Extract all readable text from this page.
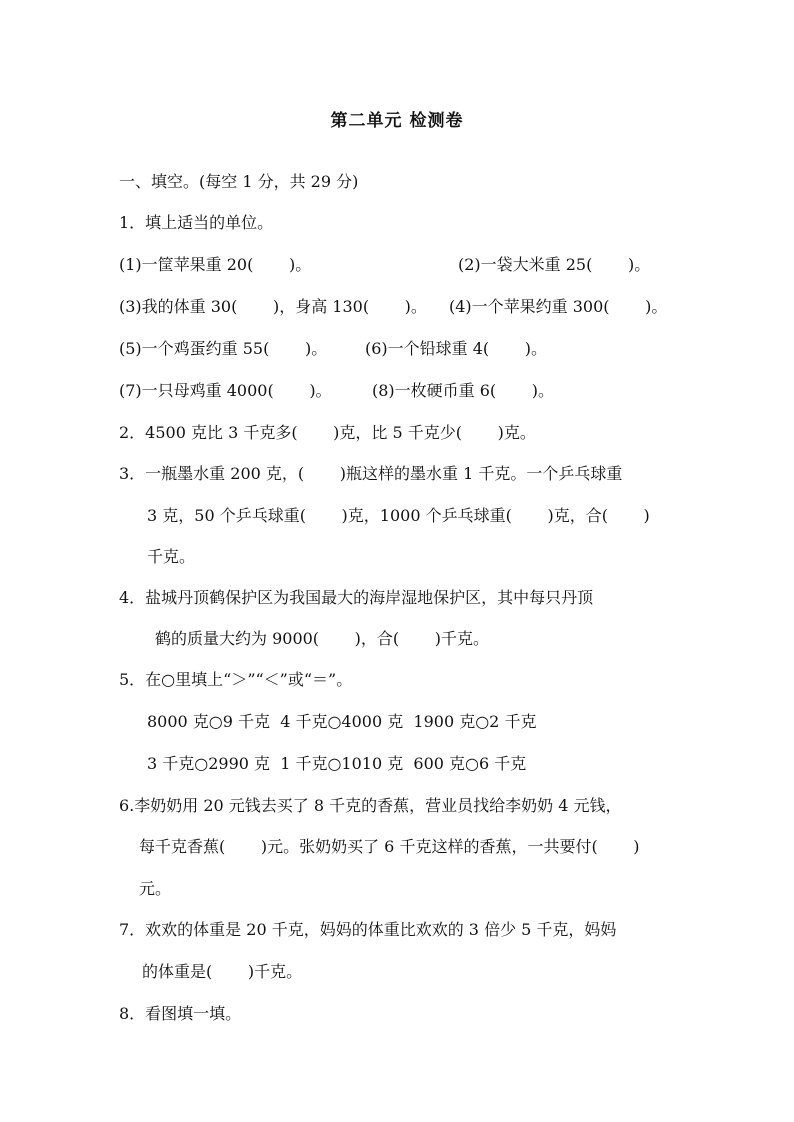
第二单元 检测卷
一、填空。(每空 1 分，共 29 分)
1．填上适当的单位。
(1)一筐苹果重 20(       )。	(2)一袋大米重 25(       )。
(3)我的体重 30(       )，身高 130(       )。 (4)一个苹果约重 300(       )。
(5)一个鸡蛋约重 55(       )。 (6)一个铅球重 4(       )。
(7)一只母鸡重 4000(       )。	(8)一枚硬币重 6(       )。
2．4500 克比 3 千克多(       )克，比 5 千克少(       )克。
3．一瓶墨水重 200 克，(       )瓶这样的墨水重 1 千克。一个乒乓球重
3 克，50 个乒乓球重(       )克，1000 个乒乓球重(       )克，合(       )
千克。
4．盐城丹顶鹤保护区为我国最大的海岸湿地保护区，其中每只丹顶
鹤的质量大约为 9000(       )，合(       )千克。
5．在○里填上“＞”“＜”或“＝”。
8000 克○9 千克  4 千克○4000 克  1900 克○2 千克
3 千克○2990 克  1 千克○1010 克  600 克○6 千克
6.李奶奶用 20 元钱去买了 8 千克的香蕉，营业员找给李奶奶 4 元钱，
每千克香蕉(       )元。张奶奶买了 6 千克这样的香蕉，一共要付(       )
元。
7．欢欢的体重是 20 千克，妈妈的体重比欢欢的 3 倍少 5 千克，妈妈
的体重是(       )千克。
8．看图填一填。
